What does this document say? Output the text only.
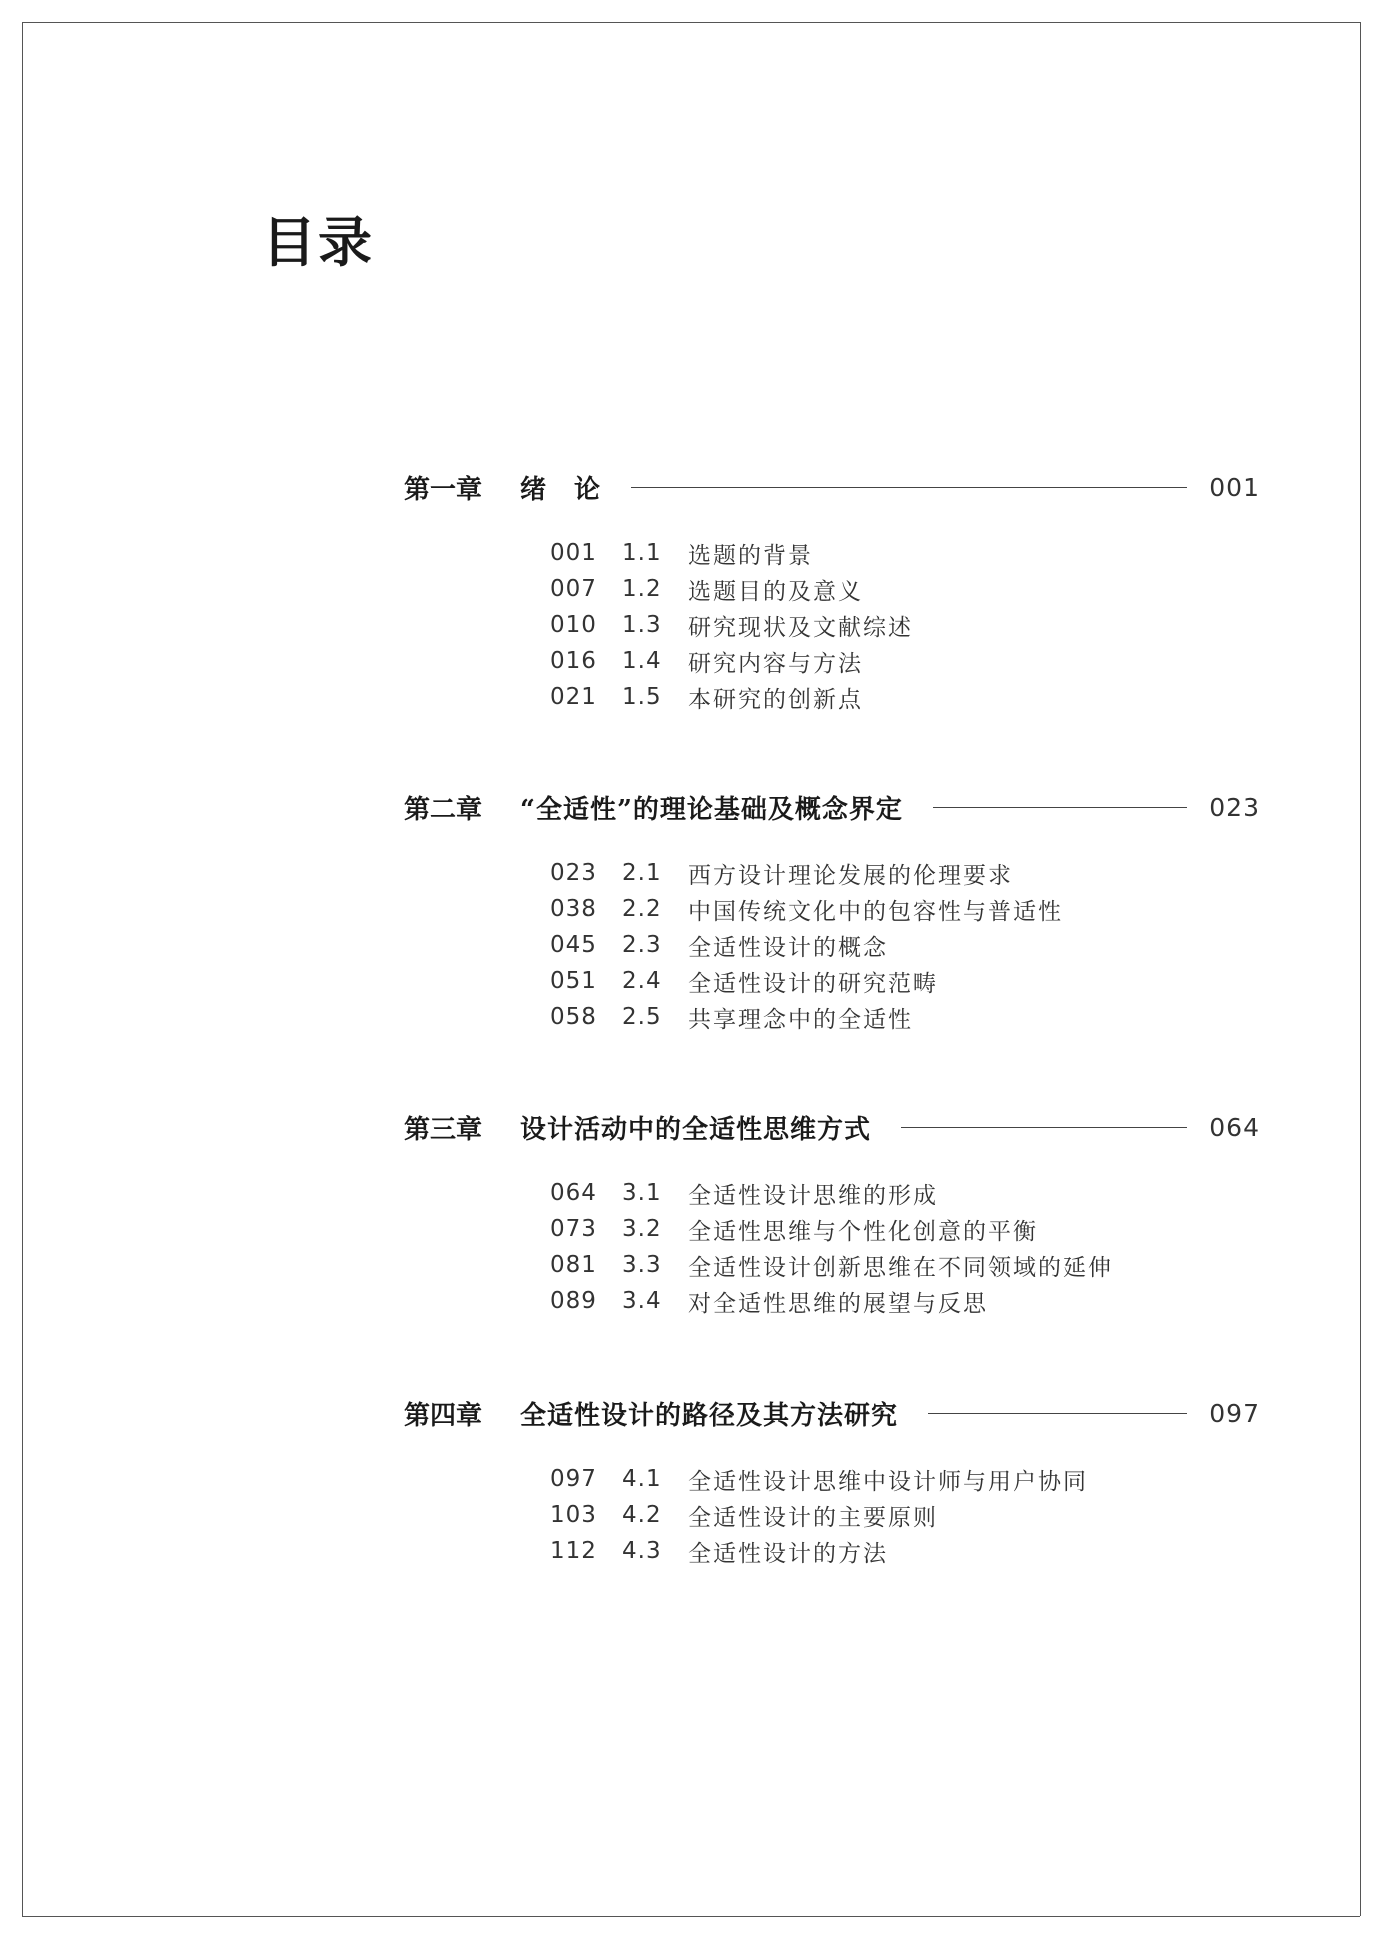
目录
第一章	绪　论	001
001	1.1	选题的背景
007	1.2	选题目的及意义
010	1.3	研究现状及文献综述
016	1.4	研究内容与方法
021	1.5	本研究的创新点
第二章	“全适性”的理论基础及概念界定	023
023	2.1	西方设计理论发展的伦理要求
038	2.2	中国传统文化中的包容性与普适性
045	2.3	全适性设计的概念
051	2.4	全适性设计的研究范畴
058	2.5	共享理念中的全适性
第三章	设计活动中的全适性思维方式	064
064	3.1	全适性设计思维的形成
073	3.2	全适性思维与个性化创意的平衡
081	3.3	全适性设计创新思维在不同领域的延伸
089	3.4	对全适性思维的展望与反思
第四章	全适性设计的路径及其方法研究	097
097	4.1	全适性设计思维中设计师与用户协同
103	4.2	全适性设计的主要原则
112	4.3	全适性设计的方法
